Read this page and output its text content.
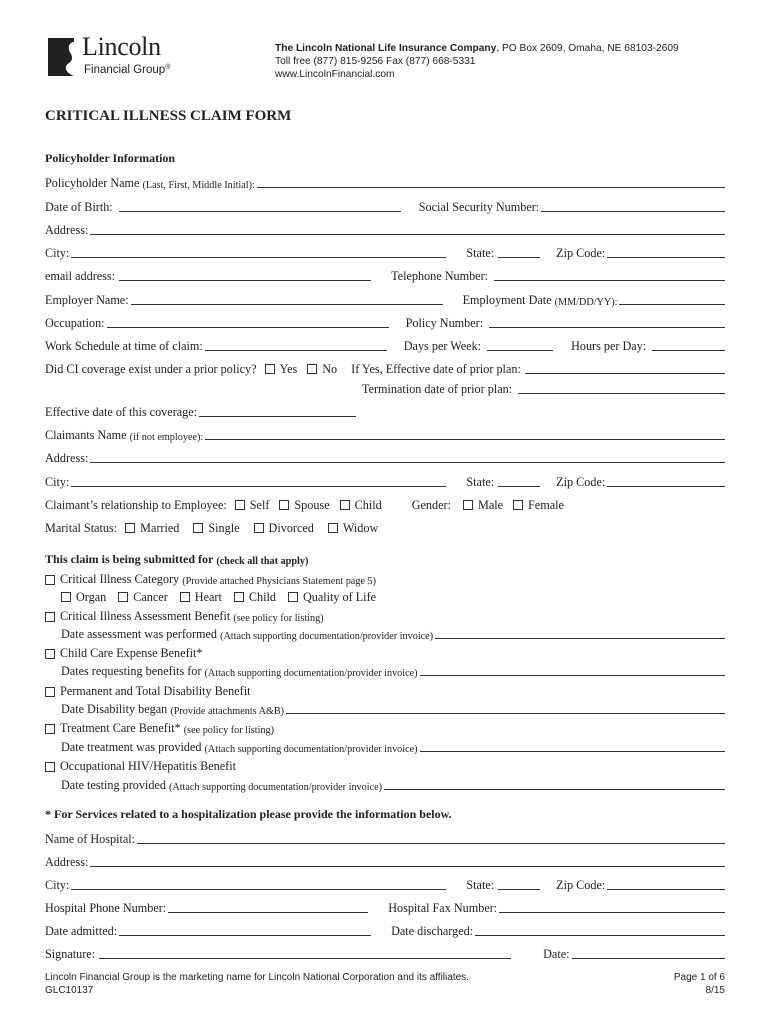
Lincoln
Financial Group®
The Lincoln National Life Insurance Company, PO Box 2609, Omaha, NE 68103-2609
Toll free (877) 815-9256 Fax (877) 668-5331
www.LincolnFinancial.com
CRITICAL ILLNESS CLAIM FORM
Policyholder Information
Policyholder Name
(Last, First, Middle Initial):
Date of Birth:	Social Security Number:
Address:
City:	State:	Zip Code:
email address:	Telephone Number:
Employer Name:	Employment Date
(MM/DD/YY):
Occupation:	Policy Number:
Work Schedule at time of claim:	Days per Week:	Hours per Day:
Did CI coverage exist under a prior policy? Yes No If Yes, Effective date of prior plan:
Termination date of prior plan:
Effective date of this coverage:
Claimants Name
(if not employee):
Address:
City:	State:	Zip Code:
Claimant’s relationship to Employee: Self Spouse Child Gender: Male Female
Marital Status: Married Single Divorced Widow
This claim is being submitted for
(check all that apply)
Critical Illness Category
(Provide attached Physicians Statement page 5)
Organ Cancer Heart Child Quality of Life
Critical Illness Assessment Benefit
(see policy for listing)
Date assessment was performed
(Attach supporting documentation/provider invoice)
Child Care Expense Benefit*
Dates requesting benefits for
(Attach supporting documentation/provider invoice)
Permanent and Total Disability Benefit
Date Disability began
(Provide attachments A&B)
Treatment Care Benefit*
(see policy for listing)
Date treatment was provided
(Attach supporting documentation/provider invoice)
Occupational HIV/Hepatitis Benefit
Date testing provided
(Attach supporting documentation/provider invoice)
* For Services related to a hospitalization please provide the information below.
Name of Hospital:
Address:
City:	State:	Zip Code:
Hospital Phone Number:	Hospital Fax Number:
Date admitted:	Date discharged:
Signature:	Date:
Lincoln Financial Group is the marketing name for Lincoln National Corporation and its affiliates.
GLC10137
Page 1 of 6
8/15
